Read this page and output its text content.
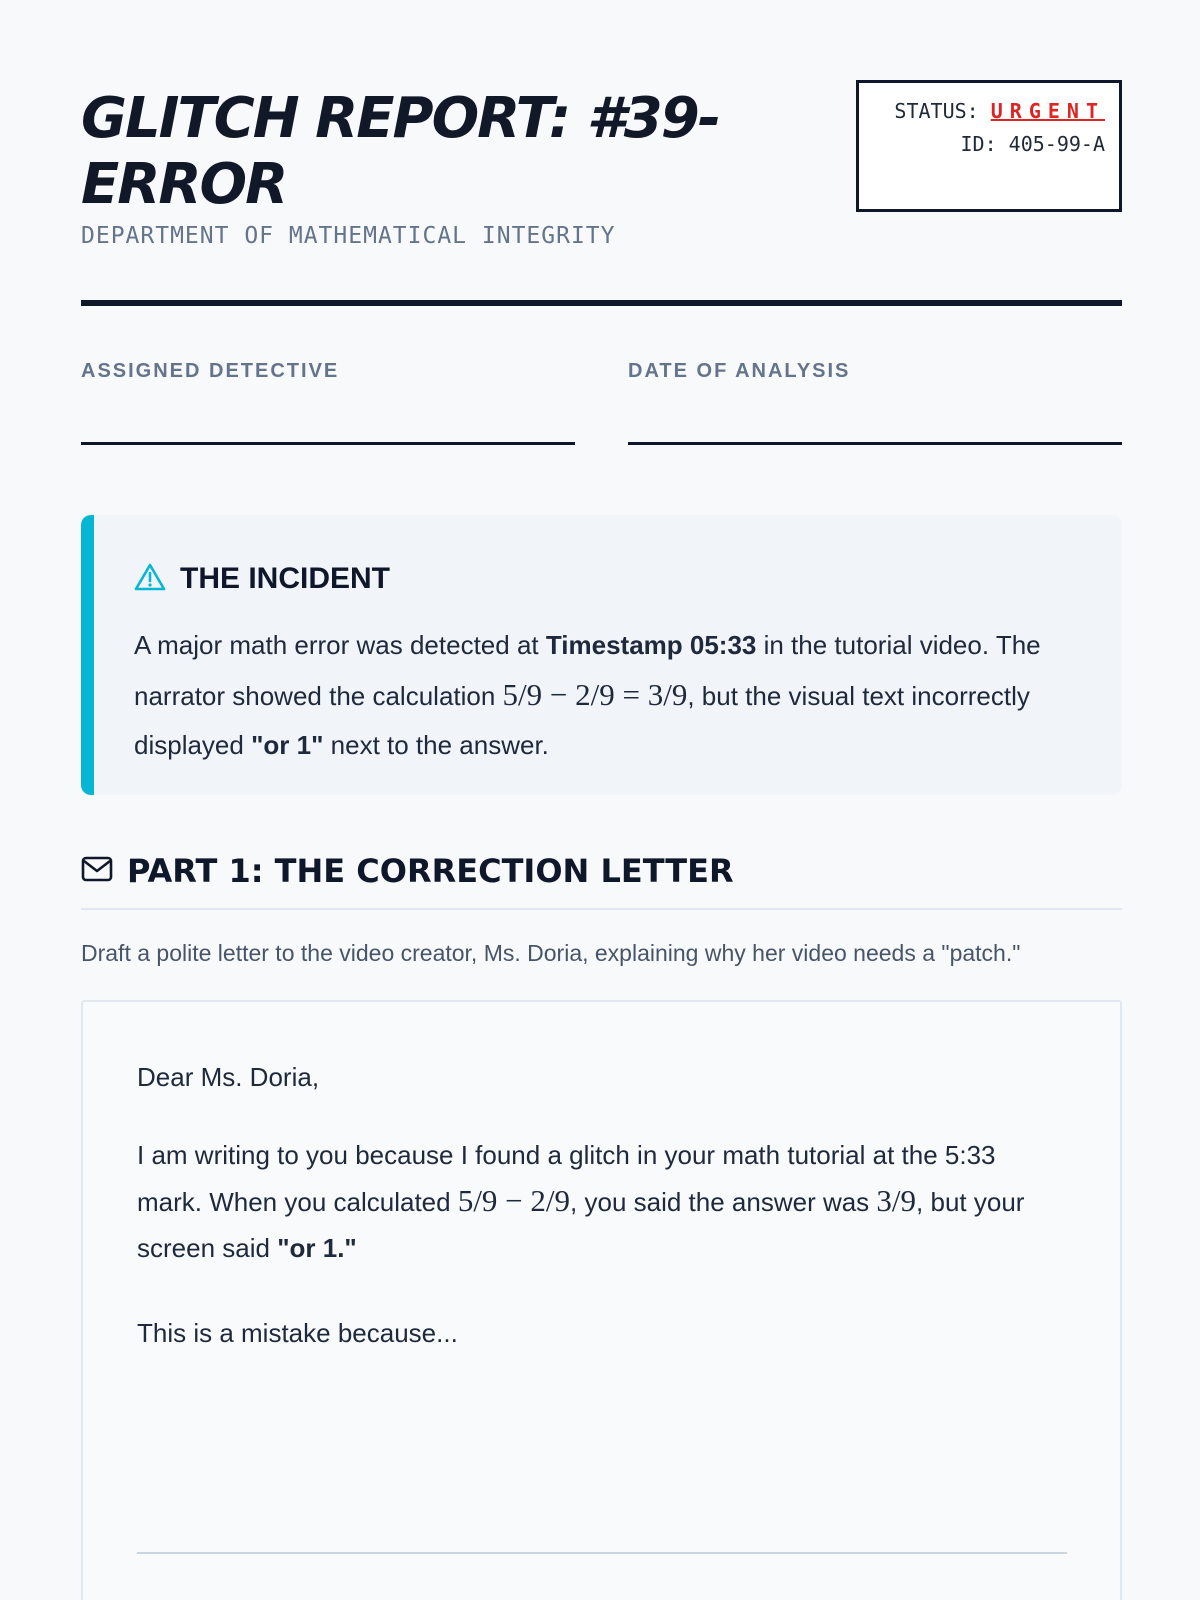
GLITCH REPORT: #39-ERROR
DEPARTMENT OF MATHEMATICAL INTEGRITY
STATUS: URGENT
ID: 405-99-A
ASSIGNED DETECTIVE	DATE OF ANALYSIS
THE INCIDENT
A major math error was detected at Timestamp 05:33 in the tutorial video. The narrator showed the calculation 5/9 − 2/9 = 3/9, but the visual text incorrectly displayed "or 1" next to the answer.
PART 1: THE CORRECTION LETTER
Draft a polite letter to the video creator, Ms. Doria, explaining why her video needs a "patch."
Dear Ms. Doria,
I am writing to you because I found a glitch in your math tutorial at the 5:33 mark. When you calculated 5/9 − 2/9, you said the answer was 3/9, but your screen said "or 1."
This is a mistake because...
